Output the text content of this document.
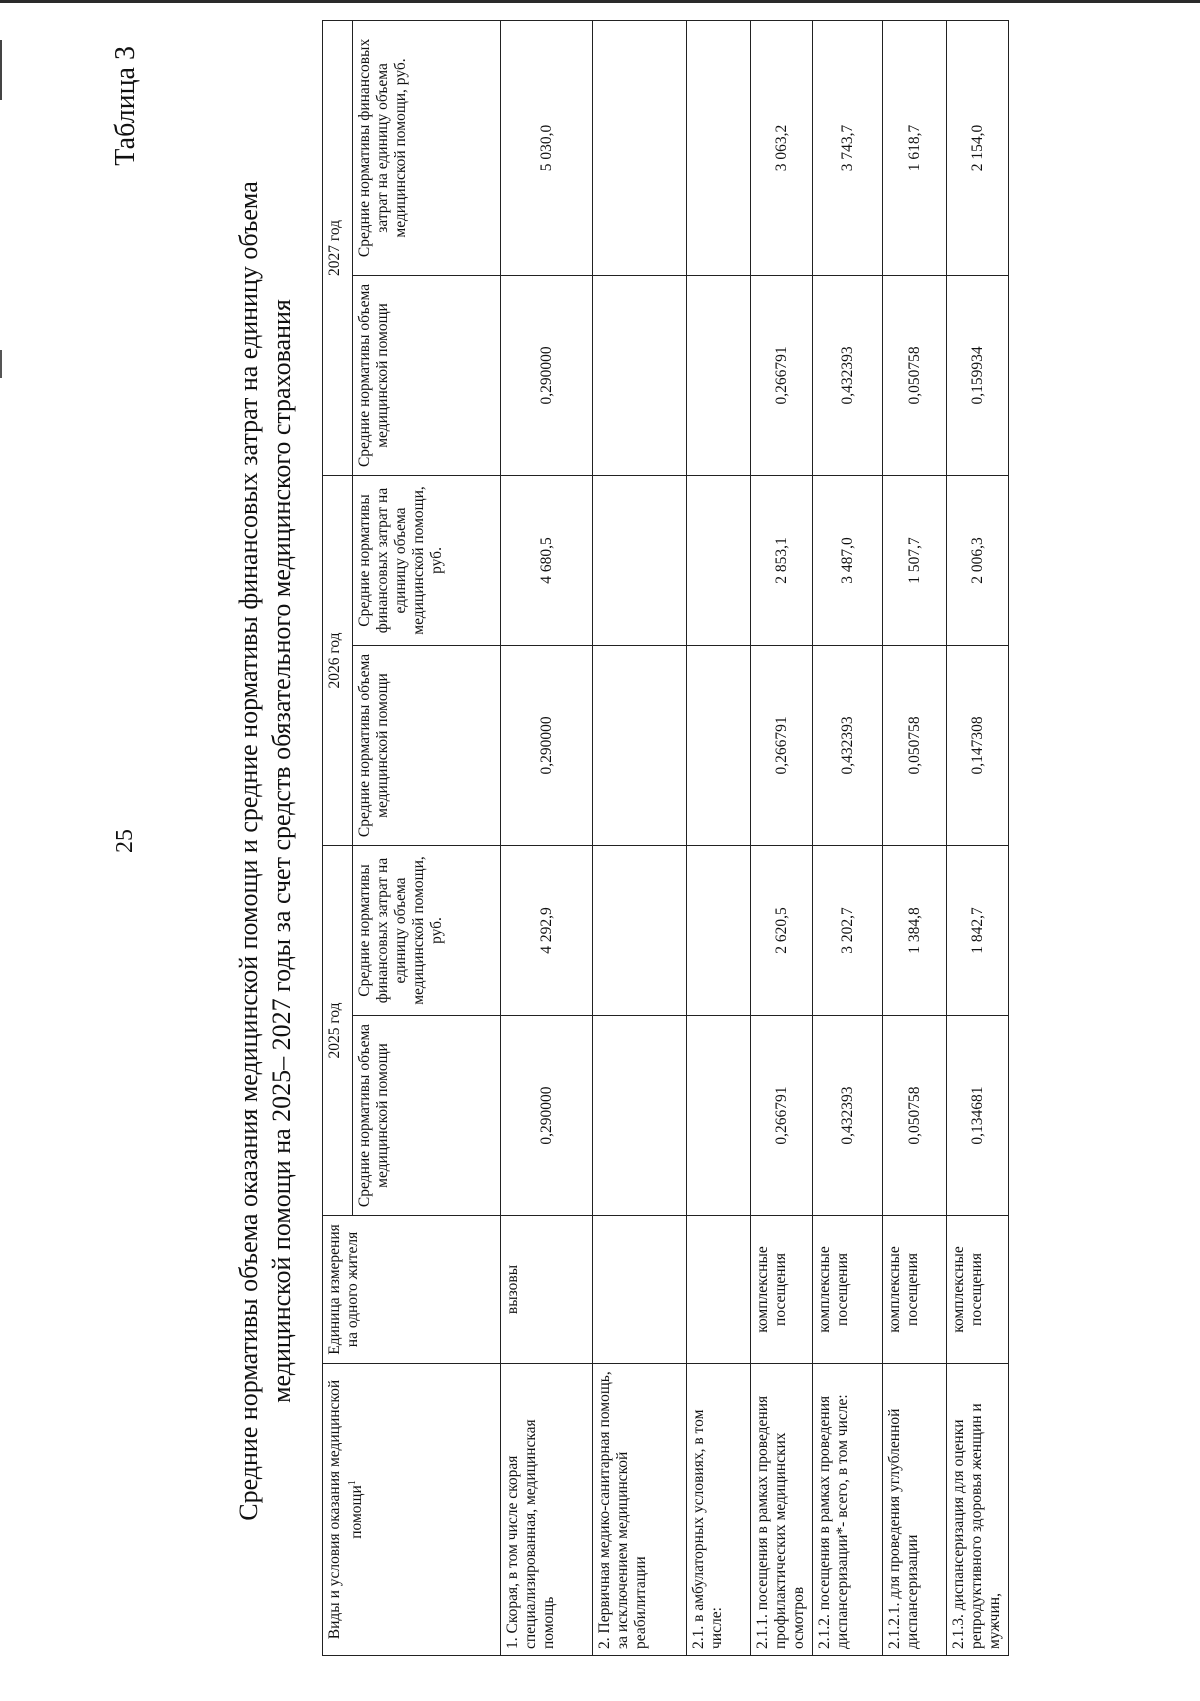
Таблица 3
25	Средние нормативы объема оказания медицинской помощи и средние нормативы финансовых затрат на единицу объема медицинской помощи на 2025– 2027 годы за счет средств обязательного медицинского страхования
Виды и условия оказания медицинской помощи$^1$	Единица измерения на одного жителя	2025 год		2026 год		2027 год	
		Средние нормативы объема медицинской помощи	Средние нормативы финансовых затрат на единицу объема медицинской помощи, руб.	Средние нормативы объема медицинской помощи	Средние нормативы финансовых затрат на единицу объема медицинской помощи, руб.	Средние нормативы объема медицинской помощи	Средние нормативы финансовых затрат на единицу объема медицинской помощи, руб.
1. Скорая, в том числе скорая специализированная, медицинская помощь	вызовы	0,290000	4 292,9	0,290000	4 680,5	0,290000	5 030,0
2. Первичная медико-санитарная помощь, за исключением медицинской реабилитации							
2.1. в амбулаторных условиях, в том числе:							
2.1.1. посещения в рамках проведения профилактических медицинских осмотров	комплексные посещения	0,266791	2 620,5	0,266791	2 853,1	0,266791	3 063,2
2.1.2. посещения в рамках проведения диспансеризации*- всего, в том числе:	комплексные посещения	0,432393	3 202,7	0,432393	3 487,0	0,432393	3 743,7
2.1.2.1. для проведения углубленной диспансеризации	комплексные посещения	0,050758	1 384,8	0,050758	1 507,7	0,050758	1 618,7
2.1.3. диспансеризация для оценки репродуктивного здоровья женщин и мужчин,	комплексные посещения	0,134681	1 842,7	0,147308	2 006,3	0,159934	2 154,0
